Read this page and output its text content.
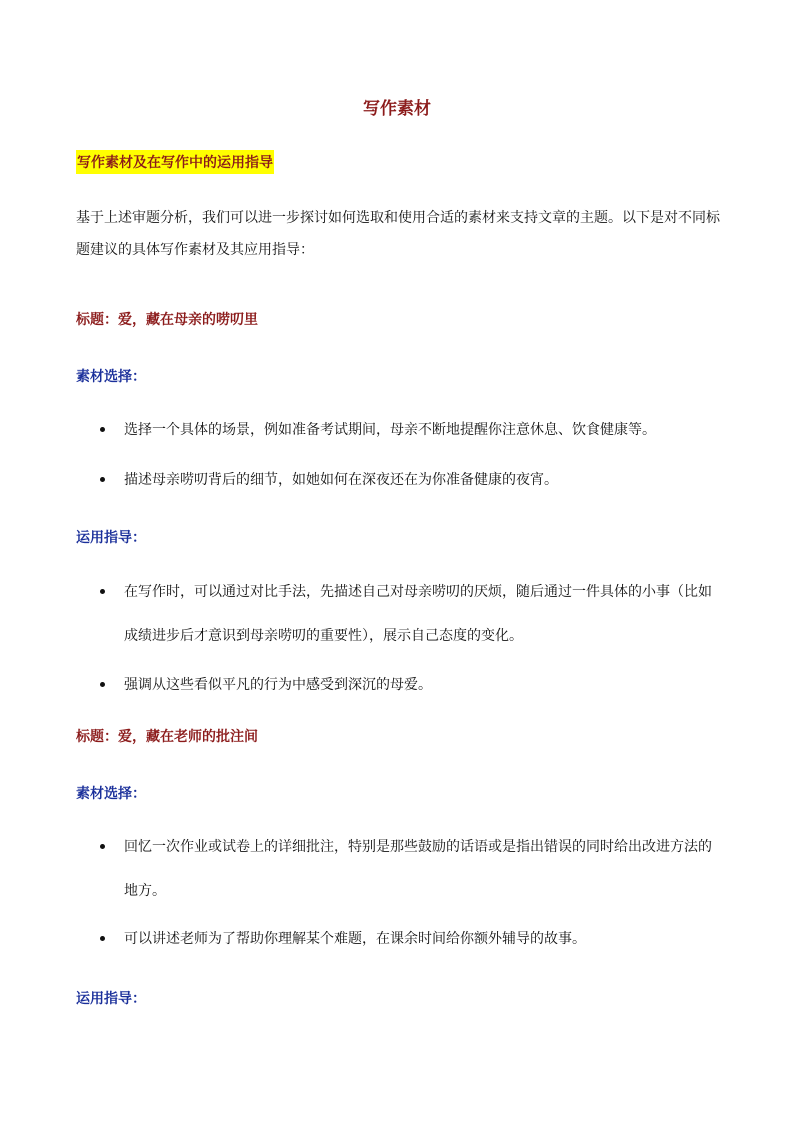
写作素材
写作素材及在写作中的运用指导
基于上述审题分析，我们可以进一步探讨如何选取和使用合适的素材来支持文章的主题。以下是对不同标题建议的具体写作素材及其应用指导：
标题：爱，藏在母亲的唠叨里
素材选择：
选择一个具体的场景，例如准备考试期间，母亲不断地提醒你注意休息、饮食健康等。
描述母亲唠叨背后的细节，如她如何在深夜还在为你准备健康的夜宵。
运用指导：
在写作时，可以通过对比手法，先描述自己对母亲唠叨的厌烦，随后通过一件具体的小事（比如成绩进步后才意识到母亲唠叨的重要性），展示自己态度的变化。
强调从这些看似平凡的行为中感受到深沉的母爱。
标题：爱，藏在老师的批注间
素材选择：
回忆一次作业或试卷上的详细批注，特别是那些鼓励的话语或是指出错误的同时给出改进方法的地方。
可以讲述老师为了帮助你理解某个难题，在课余时间给你额外辅导的故事。
运用指导：
